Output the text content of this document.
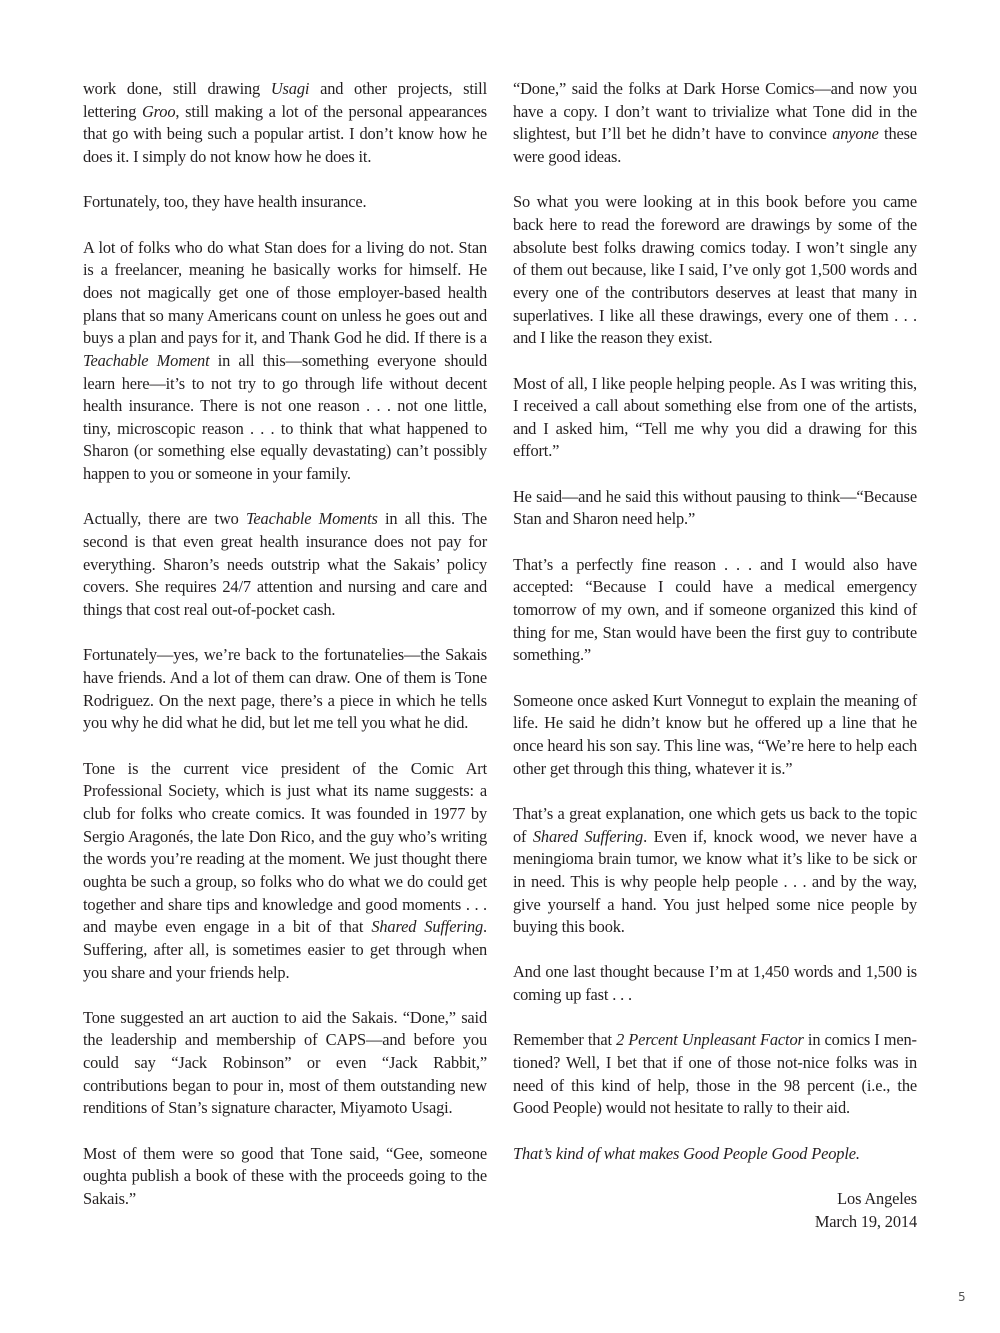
work done, still drawing Usagi and other projects, still lettering Groo, still making a lot of the personal appearances that go with being such a popular artist. I don’t know how he does it. I simply do not know how he does it.

Fortunately, too, they have health insurance.

A lot of folks who do what Stan does for a living do not. Stan is a freelancer, meaning he basically works for himself. He does not magically get one of those employer-based health plans that so many Americans count on unless he goes out and buys a plan and pays for it, and Thank God he did. If there is a Teachable Moment in all this—something everyone should learn here—it’s to not try to go through life without decent health insurance. There is not one reason . . . not one little, tiny, microscopic reason . . . to think that what happened to Sharon (or something else equally devastating) can’t possibly happen to you or someone in your family.

Actually, there are two Teachable Moments in all this. The second is that even great health insurance does not pay for everything. Sharon’s needs outstrip what the Sakais’ policy covers. She requires 24/7 attention and nursing and care and things that cost real out-of-pocket cash.

Fortunately—yes, we’re back to the fortunatelies—the Sakais have friends. And a lot of them can draw. One of them is Tone Rodriguez. On the next page, there’s a piece in which he tells you why he did what he did, but let me tell you what he did.

Tone is the current vice president of the Comic Art Professional Society, which is just what its name suggests: a club for folks who create comics. It was founded in 1977 by Sergio Aragonés, the late Don Rico, and the guy who’s writing the words you’re reading at the moment. We just thought there oughta be such a group, so folks who do what we do could get together and share tips and knowledge and good moments . . . and maybe even engage in a bit of that Shared Suffering. Suffering, after all, is sometimes easier to get through when you share and your friends help.

Tone suggested an art auction to aid the Sakais. “Done,” said the leadership and membership of CAPS—and before you could say “Jack Robinson” or even “Jack Rabbit,” contributions began to pour in, most of them outstanding new renditions of Stan’s signature character, Miyamoto Usagi.

Most of them were so good that Tone said, “Gee, someone oughta publish a book of these with the proceeds going to the Sakais.”

“Done,” said the folks at Dark Horse Comics—and now you have a copy. I don’t want to trivialize what Tone did in the slightest, but I’ll bet he didn’t have to convince anyone these were good ideas.

So what you were looking at in this book before you came back here to read the foreword are drawings by some of the absolute best folks drawing comics today. I won’t single any of them out because, like I said, I’ve only got 1,500 words and every one of the contributors deserves at least that many in superlatives. I like all these drawings, every one of them . . . and I like the reason they exist.

Most of all, I like people helping people. As I was writing this, I received a call about something else from one of the artists, and I asked him, “Tell me why you did a drawing for this effort.”

He said—and he said this without pausing to think—“Because Stan and Sharon need help.”

That’s a perfectly fine reason . . . and I would also have accepted: “Because I could have a medical emergency tomorrow of my own, and if someone organized this kind of thing for me, Stan would have been the first guy to contribute something.”

Someone once asked Kurt Vonnegut to explain the meaning of life. He said he didn’t know but he offered up a line that he once heard his son say. This line was, “We’re here to help each other get through this thing, whatever it is.”

That’s a great explanation, one which gets us back to the topic of Shared Suffering. Even if, knock wood, we never have a meningioma brain tumor, we know what it’s like to be sick or in need. This is why people help people . . . and by the way, give yourself a hand. You just helped some nice people by buying this book.

And one last thought because I’m at 1,450 words and 1,500 is coming up fast . . .

Remember that 2 Percent Unpleasant Factor in comics I mentioned? Well, I bet that if one of those not-nice folks was in need of this kind of help, those in the 98 percent (i.e., the Good People) would not hesitate to rally to their aid.

That’s kind of what makes Good People Good People.

Los Angeles
March 19, 2014

5
